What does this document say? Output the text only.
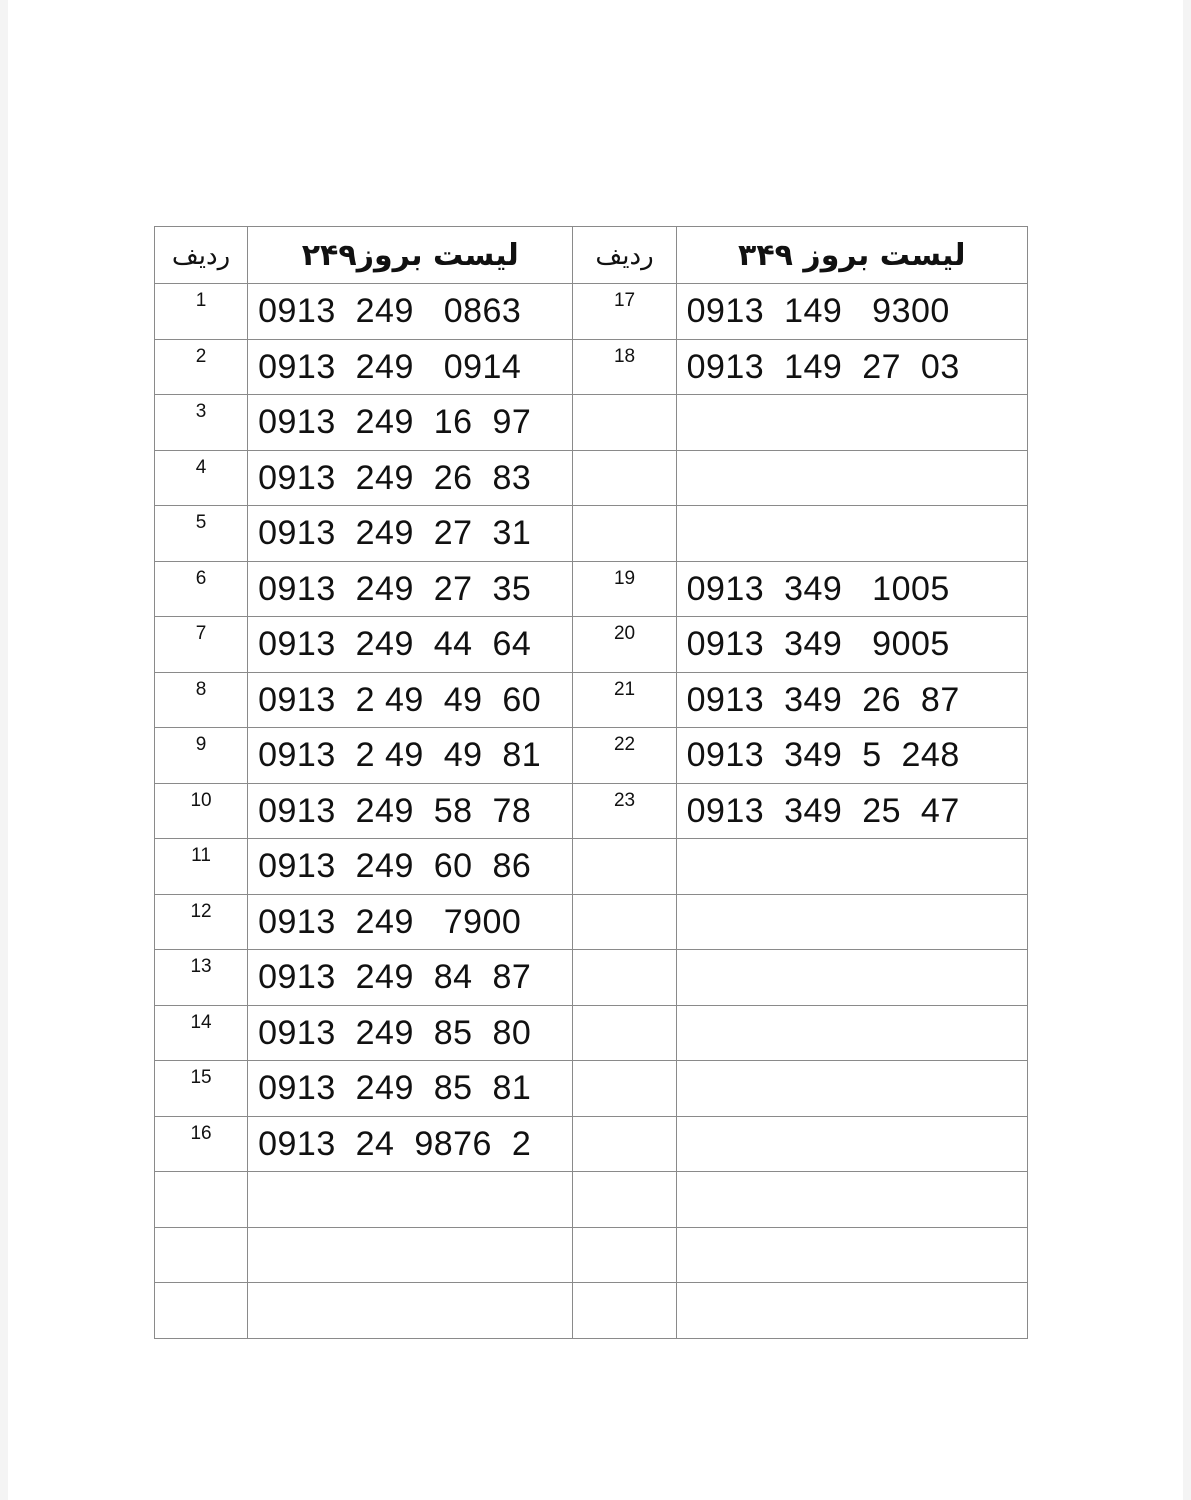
ردیف	لیست بروز۲۴۹	ردیف	لیست بروز ۳۴۹

1	0913  249   0863	17	0913  149   9300

2	0913  249   0914	18	0913  149  27  03

3	0913  249  16  97		

4	0913  249  26  83		

5	0913  249  27  31		

6	0913  249  27  35	19	0913  349   1005

7	0913  249  44  64	20	0913  349   9005

8	0913  2 49  49  60	21	0913  349  26  87

9	0913  2 49  49  81	22	0913  349  5  248

10	0913  249  58  78	23	0913  349  25  47

11	0913  249  60  86		

12	0913  249   7900		

13	0913  249  84  87		

14	0913  249  85  80		

15	0913  249  85  81		

16	0913  24  9876  2		
